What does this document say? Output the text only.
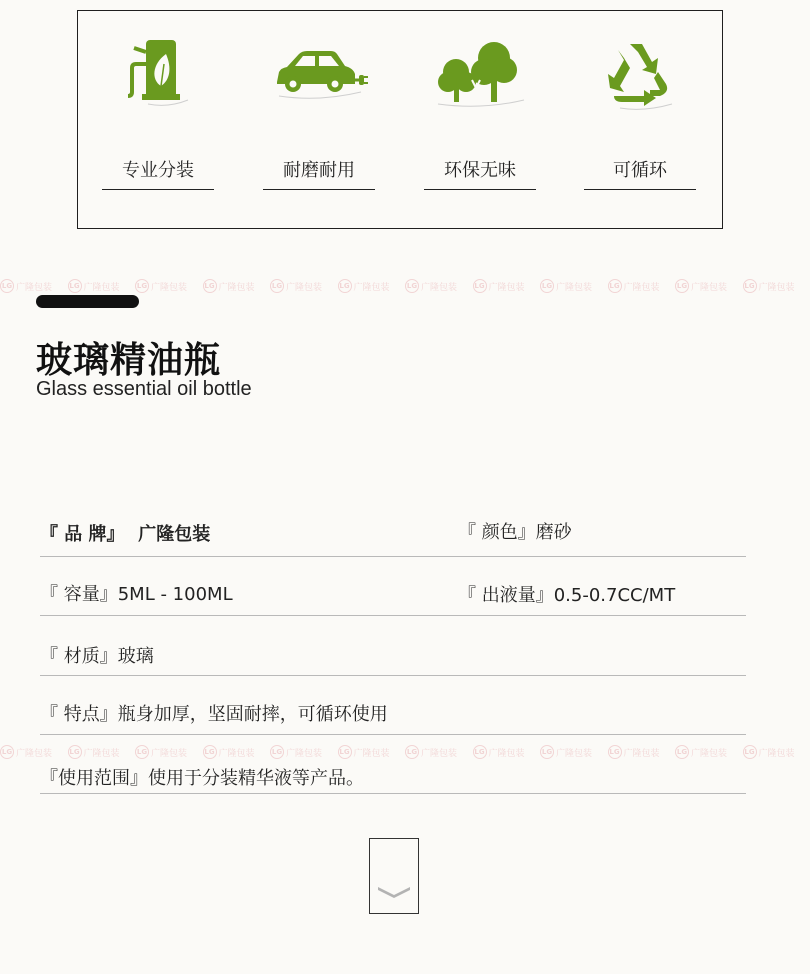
专业分装	耐磨耐用	环保无味	可循环
LG 广隆包装 LG 广隆包装 LG 广隆包装 LG 广隆包装 LG 广隆包装 LG 广隆包装 LG 广隆包装 LG 广隆包装 LG 广隆包装 LG 广隆包装 LG 广隆包装 LG 广隆包装
玻璃精油瓶
Glass essential oil bottle
『 品 牌』 广隆包装	『 颜色』磨砂
『 容量』5ML - 100ML	『 出液量』0.5-0.7CC/MT
『 材质』玻璃
『 特点』瓶身加厚，坚固耐摔，可循环使用
LG 广隆包装 LG 广隆包装 LG 广隆包装 LG 广隆包装 LG 广隆包装 LG 广隆包装 LG 广隆包装 LG 广隆包装 LG 广隆包装 LG 广隆包装 LG 广隆包装 LG 广隆包装
『使用范围』使用于分装精华液等产品。
